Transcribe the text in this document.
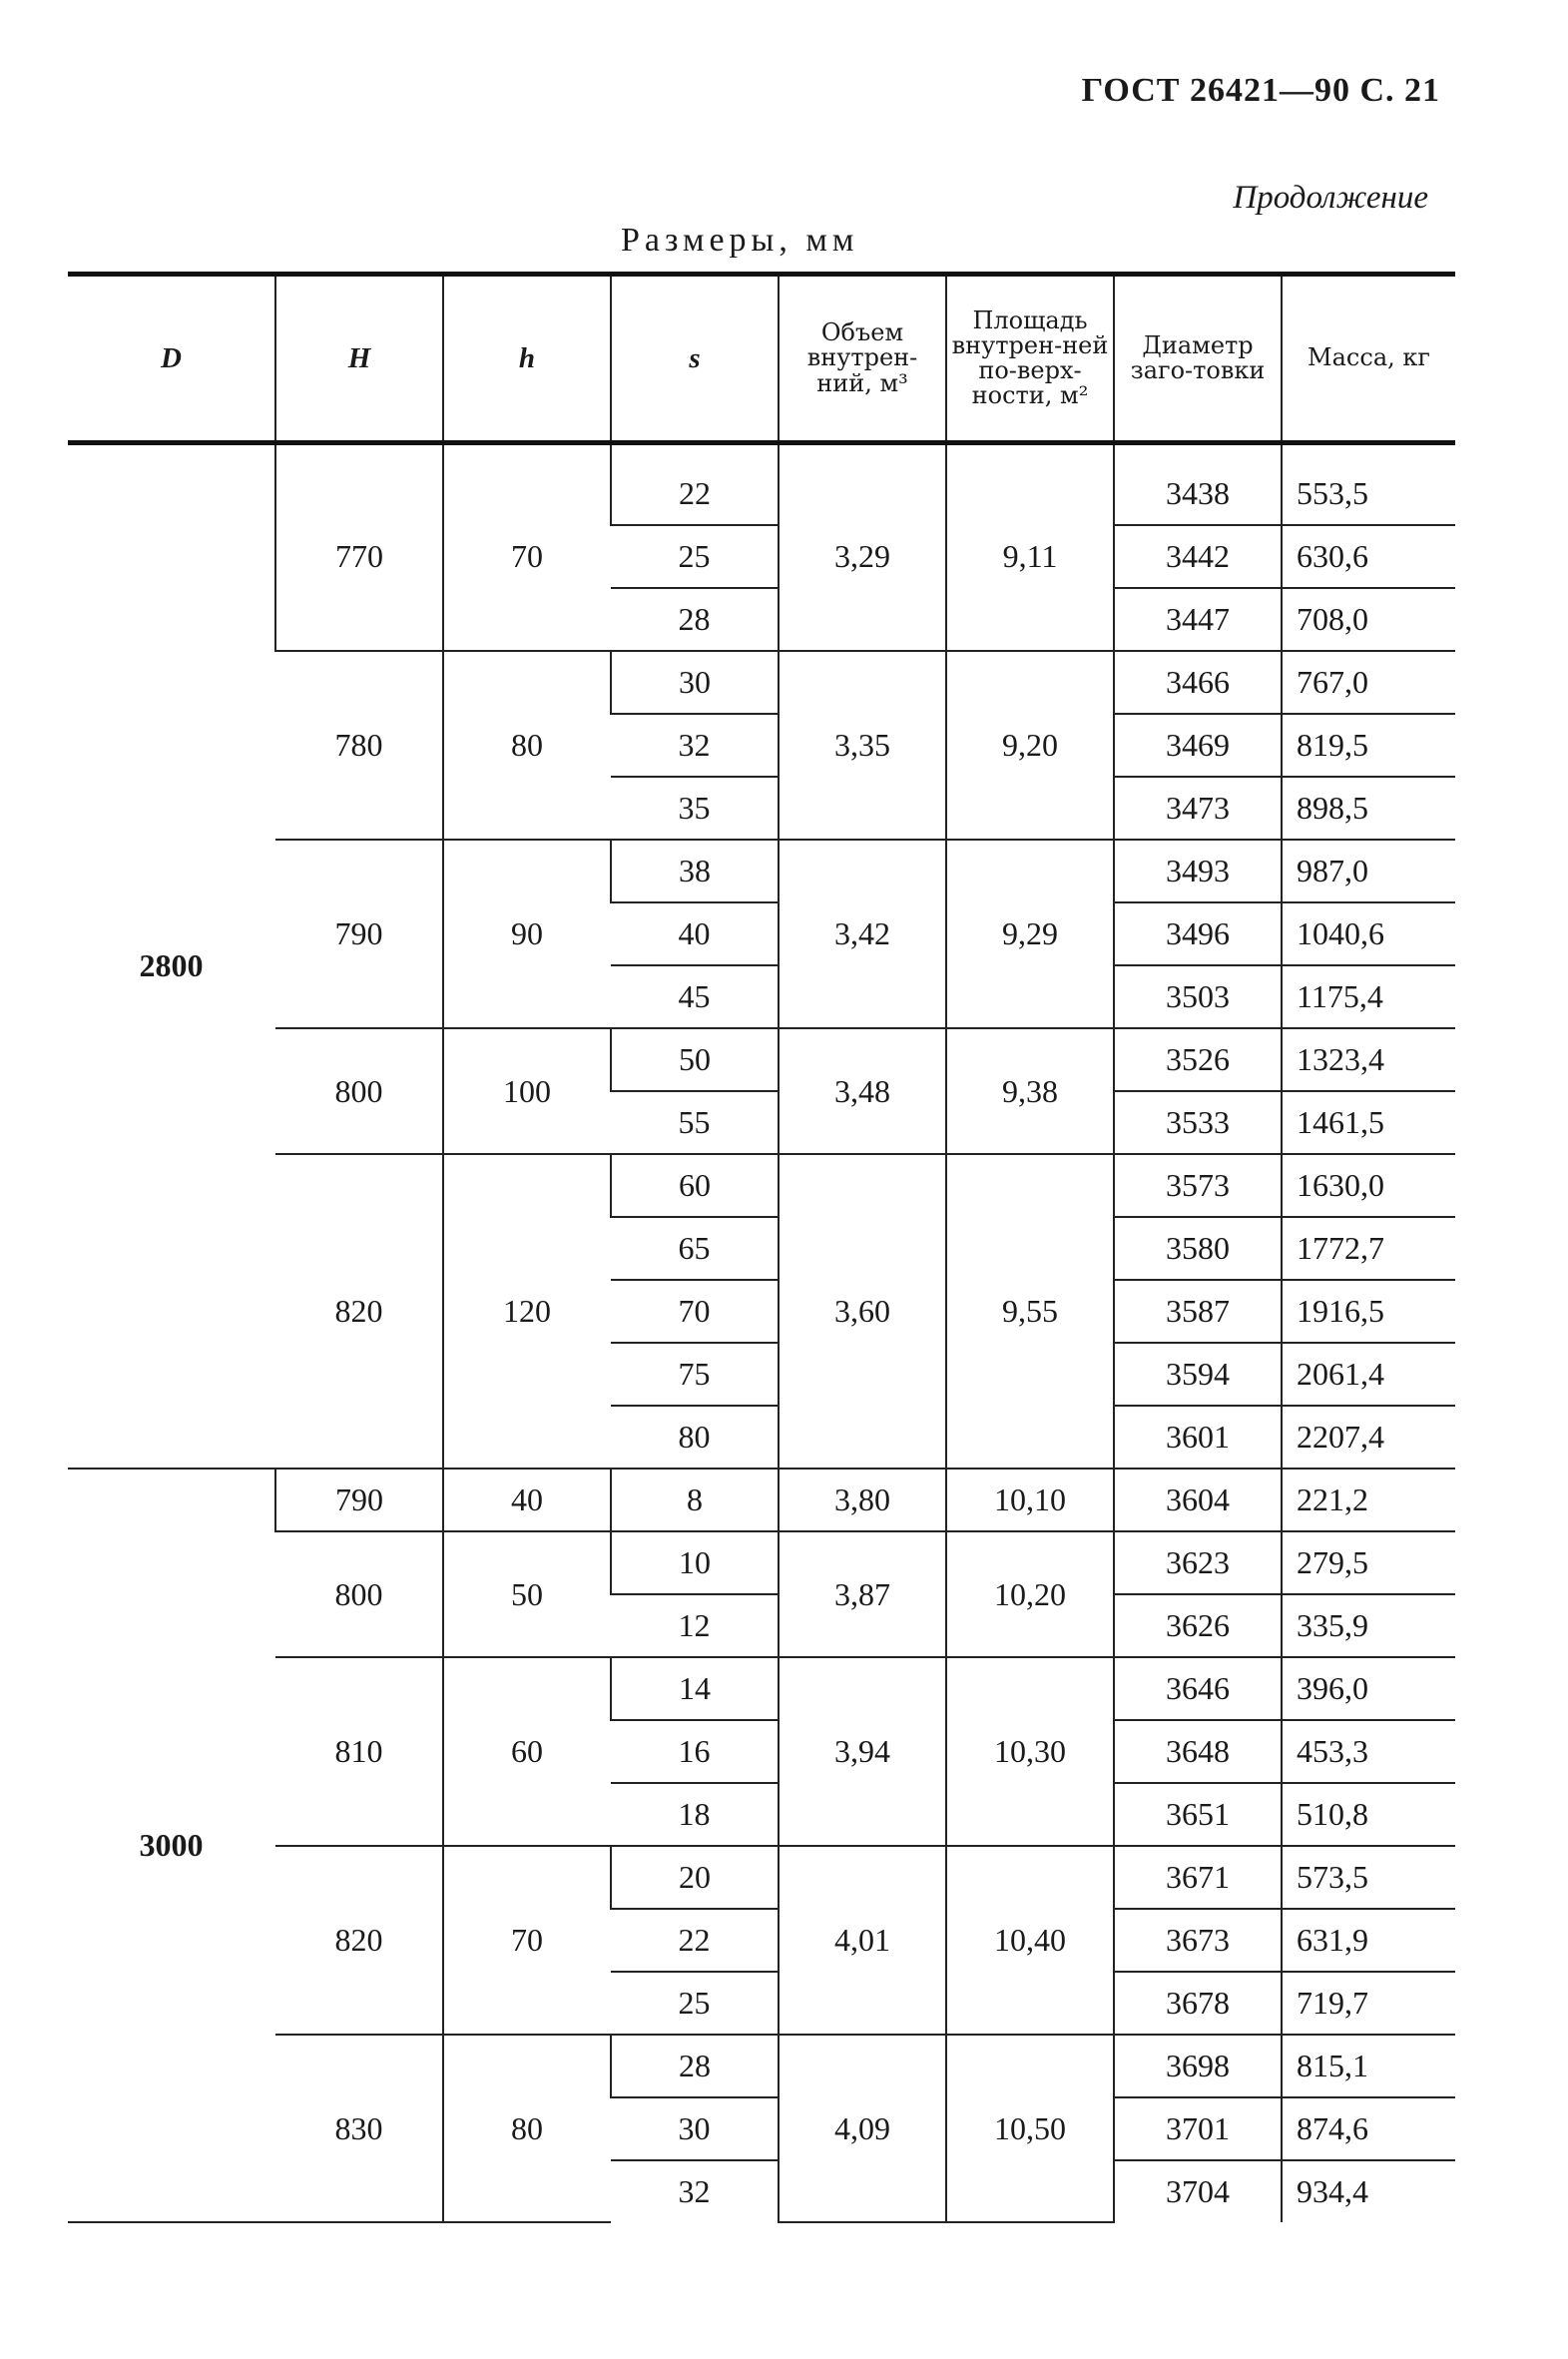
ГОСТ 26421—90 С. 21
Продолжение
Размеры, мм
D	H	h	s	Объем внутрен-ний, м³	Площадь внутрен-ней по-верх-ности, м²	Диаметр заго-товки	Масса, кг

2800	770	70	22	3,29	9,11	3438	553,5
			25			3442	630,6
			28			3447	708,0
	780	80	30	3,35	9,20	3466	767,0
			32			3469	819,5
			35			3473	898,5
	790	90	38	3,42	9,29	3493	987,0
			40			3496	1040,6
			45			3503	1175,4
	800	100	50	3,48	9,38	3526	1323,4
			55			3533	1461,5
	820	120	60	3,60	9,55	3573	1630,0
			65			3580	1772,7
			70			3587	1916,5
			75			3594	2061,4
			80			3601	2207,4
3000	790	40	8	3,80	10,10	3604	221,2
	800	50	10	3,87	10,20	3623	279,5
			12			3626	335,9
	810	60	14	3,94	10,30	3646	396,0
			16			3648	453,3
			18			3651	510,8
	820	70	20	4,01	10,40	3671	573,5
			22			3673	631,9
			25			3678	719,7
	830	80	28	4,09	10,50	3698	815,1
			30			3701	874,6
			32			3704	934,4
